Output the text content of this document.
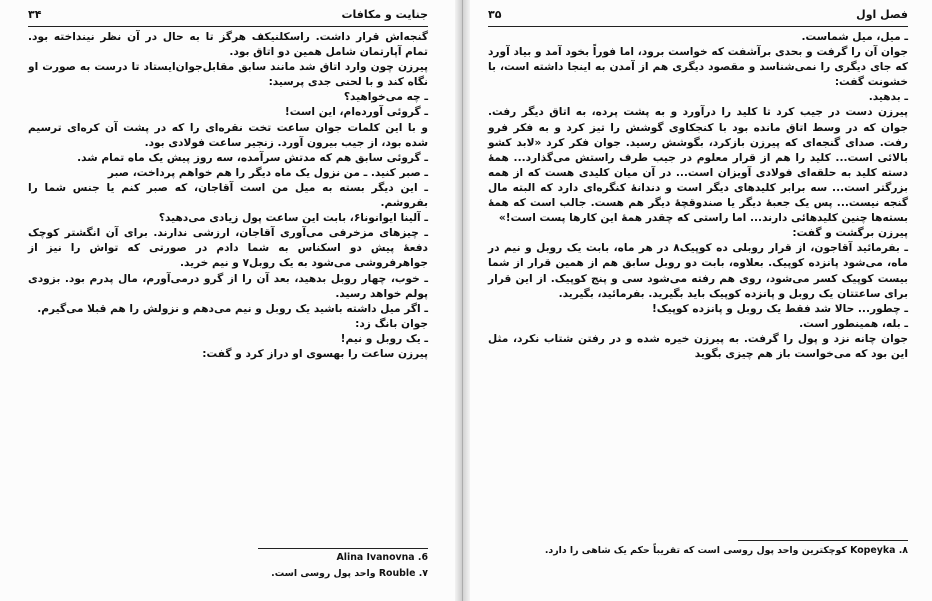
۳۴	جنایت و مکافات

گنجه‌اش قرار داشت. راسکلنیکف هرگز تا به حال در آن نظر نینداخته بود. تمام آپارتمان شامل همین دو اتاق بود.

پیرزن چون وارد اتاق شد مانند سابق مقابل‌جوان‌ایستاد تا درست به صورت او نگاه کند و با لحنی جدی پرسید:

ـ چه می‌خواهید؟

ـ گروئی آورده‌ام، این است!

و با این کلمات جوان ساعت تخت نقره‌ای را که در پشت آن کره‌ای ترسیم شده بود، از جیب بیرون آورد. زنجیر ساعت فولادی بود.

ـ گروئی سابق هم که مدتش سرآمده، سه روز پیش یک ماه تمام شد.

ـ صبر کنید. ـ من نزول یک ماه دیگر را هم خواهم پرداخت، صبر

ـ این دیگر بسته به میل من است آقاجان، که صبر کنم یا جنس شما را بفروشم.

ـ آلینا ایوانونا۶، بابت این ساعت پول زیادی می‌دهید؟

ـ چیزهای مزخرفی می‌آوری آقاجان، ارزشی ندارند. برای آن انگشتر کوچک دفعهٔ پیش دو اسکناس به شما دادم در صورتی که تواش را نیز از جواهرفروشی می‌شود به یک روبل۷ و نیم خرید.

ـ خوب، چهار روبل بدهید، بعد آن را از گرو درمی‌آورم، مال پدرم بود. بزودی پولم خواهد رسید.

ـ اگر میل داشته باشید یک روبل و نیم می‌دهم و نزولش را هم قبلا می‌گیرم.

جوان بانگ زد:

ـ یک روبل و نیم!

پیرزن ساعت را بهسوی او دراز کرد و گفت:

6. Alina Ivanovna

۷. Rouble واحد پول روسی است.

۳۵	فصل اول

ـ میل، میل شماست.

جوان آن را گرفت و بحدی برآشفت که خواست برود، اما فوراً بخود آمد و بیاد آورد که جای دیگری را نمی‌شناسد و مقصود دیگری هم از آمدن به اینجا داشته است، با خشونت گفت:

ـ بدهید.

پیرزن دست در جیب کرد تا کلید را درآورد و به پشت پرده، به اتاق دیگر رفت. جوان که در وسط اتاق مانده بود با کنجکاوی گوشش را تیز کرد و به فکر فرو رفت. صدای گنجه‌ای که پیرزن بازکرد، بگوشش رسید. جوان فکر کرد «لابد کشو بالائی است... کلید را هم از قرار معلوم در جیب طرف راستش می‌گذارد... همهٔ دسته کلید به حلقه‌ای فولادی آویزان است... در آن میان کلیدی هست که از همه بزرگتر است... سه برابر کلیدهای دیگر است و دندانهٔ کنگره‌ای دارد که البته مال گنجه نیست... پس یک جعبهٔ دیگر یا صندوقچهٔ دیگر هم هست. جالب است که همهٔ بسته‌ها چنین کلیدهائی دارند... اما راستی که چقدر همهٔ این کارها پست است!»

پیرزن برگشت و گفت:

ـ بفرمائید آقاجون، از قرار روبلی ده کوپیک۸ در هر ماه، بابت یک روبل و نیم در ماه، می‌شود پانزده کوپیک. بعلاوه، بابت دو روبل سابق هم از همین قرار از شما بیست کوپیک کسر می‌شود، روی هم رفته می‌شود سی و پنج کوپیک. از این قرار برای ساعتتان یک روبل و پانزده کوپیک باید بگیرید. بفرمائید، بگیرید.

ـ چطور... حالا شد فقط یک روبل و پانزده کوپیک!

ـ بله، همینطور است.

جوان چانه نزد و پول را گرفت. به پیرزن خیره شده و در رفتن شتاب نکرد، مثل این بود که می‌خواست باز هم چیزی بگوید

۸. Kopeyka کوچکترین واحد پول روسی است که تقریباً حکم یک شاهی را دارد.
